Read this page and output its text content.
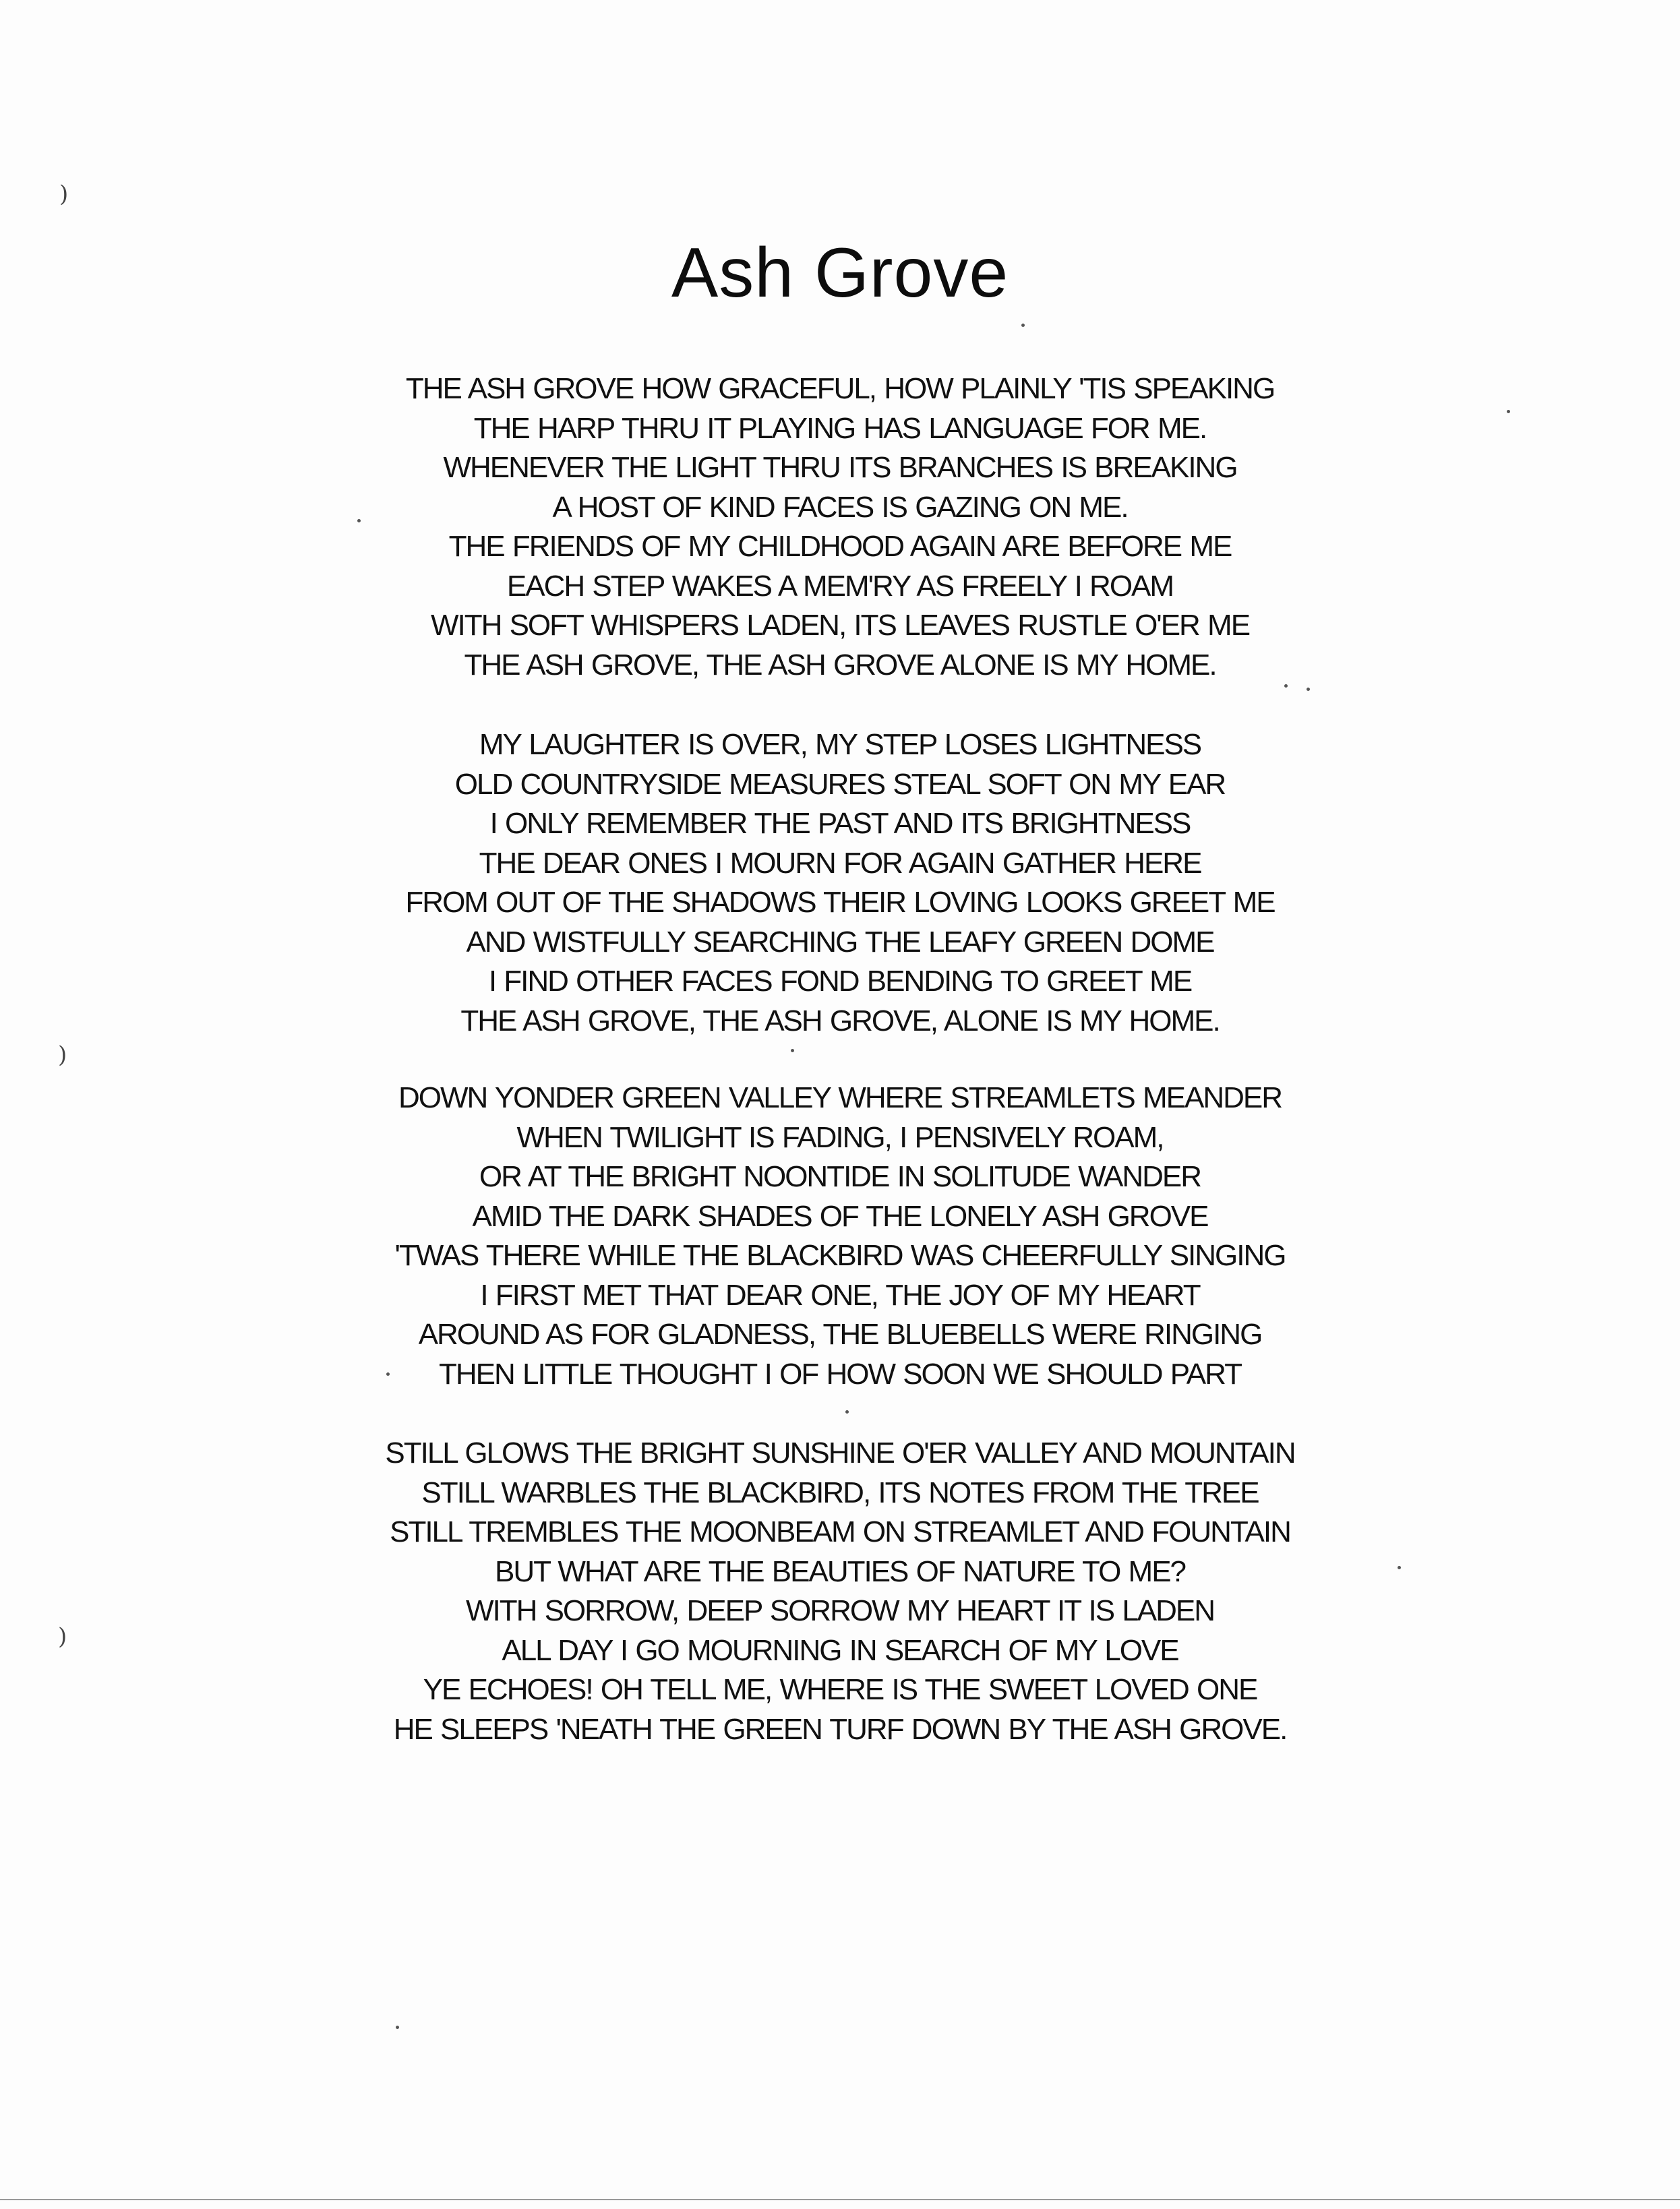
)
)
)
Ash Grove
THE ASH GROVE HOW GRACEFUL, HOW PLAINLY 'TIS SPEAKING
THE HARP THRU IT PLAYING HAS LANGUAGE FOR ME.
WHENEVER THE LIGHT THRU ITS BRANCHES IS BREAKING
A HOST OF KIND FACES IS GAZING ON ME.
THE FRIENDS OF MY CHILDHOOD AGAIN ARE BEFORE ME
EACH STEP WAKES A MEM'RY AS FREELY I ROAM
WITH SOFT WHISPERS LADEN, ITS LEAVES RUSTLE O'ER ME
THE ASH GROVE, THE ASH GROVE ALONE IS MY HOME.
MY LAUGHTER IS OVER, MY STEP LOSES LIGHTNESS
OLD COUNTRYSIDE MEASURES STEAL SOFT ON MY EAR
I ONLY REMEMBER THE PAST AND ITS BRIGHTNESS
THE DEAR ONES I MOURN FOR AGAIN GATHER HERE
FROM OUT OF THE SHADOWS THEIR LOVING LOOKS GREET ME
AND WISTFULLY SEARCHING THE LEAFY GREEN DOME
I FIND OTHER FACES FOND BENDING TO GREET ME
THE ASH GROVE, THE ASH GROVE, ALONE IS MY HOME.
DOWN YONDER GREEN VALLEY WHERE STREAMLETS MEANDER
WHEN TWILIGHT IS FADING, I PENSIVELY ROAM,
OR AT THE BRIGHT NOONTIDE IN SOLITUDE WANDER
AMID THE DARK SHADES OF THE LONELY ASH GROVE
'TWAS THERE WHILE THE BLACKBIRD WAS CHEERFULLY SINGING
I FIRST MET THAT DEAR ONE, THE JOY OF MY HEART
AROUND AS FOR GLADNESS, THE BLUEBELLS WERE RINGING
THEN LITTLE THOUGHT I OF HOW SOON WE SHOULD PART
STILL GLOWS THE BRIGHT SUNSHINE O'ER VALLEY AND MOUNTAIN
STILL WARBLES THE BLACKBIRD, ITS NOTES FROM THE TREE
STILL TREMBLES THE MOONBEAM ON STREAMLET AND FOUNTAIN
BUT WHAT ARE THE BEAUTIES OF NATURE TO ME?
WITH SORROW, DEEP SORROW MY HEART IT IS LADEN
ALL DAY I GO MOURNING IN SEARCH OF MY LOVE
YE ECHOES! OH TELL ME, WHERE IS THE SWEET LOVED ONE
HE SLEEPS 'NEATH THE GREEN TURF DOWN BY THE ASH GROVE.
